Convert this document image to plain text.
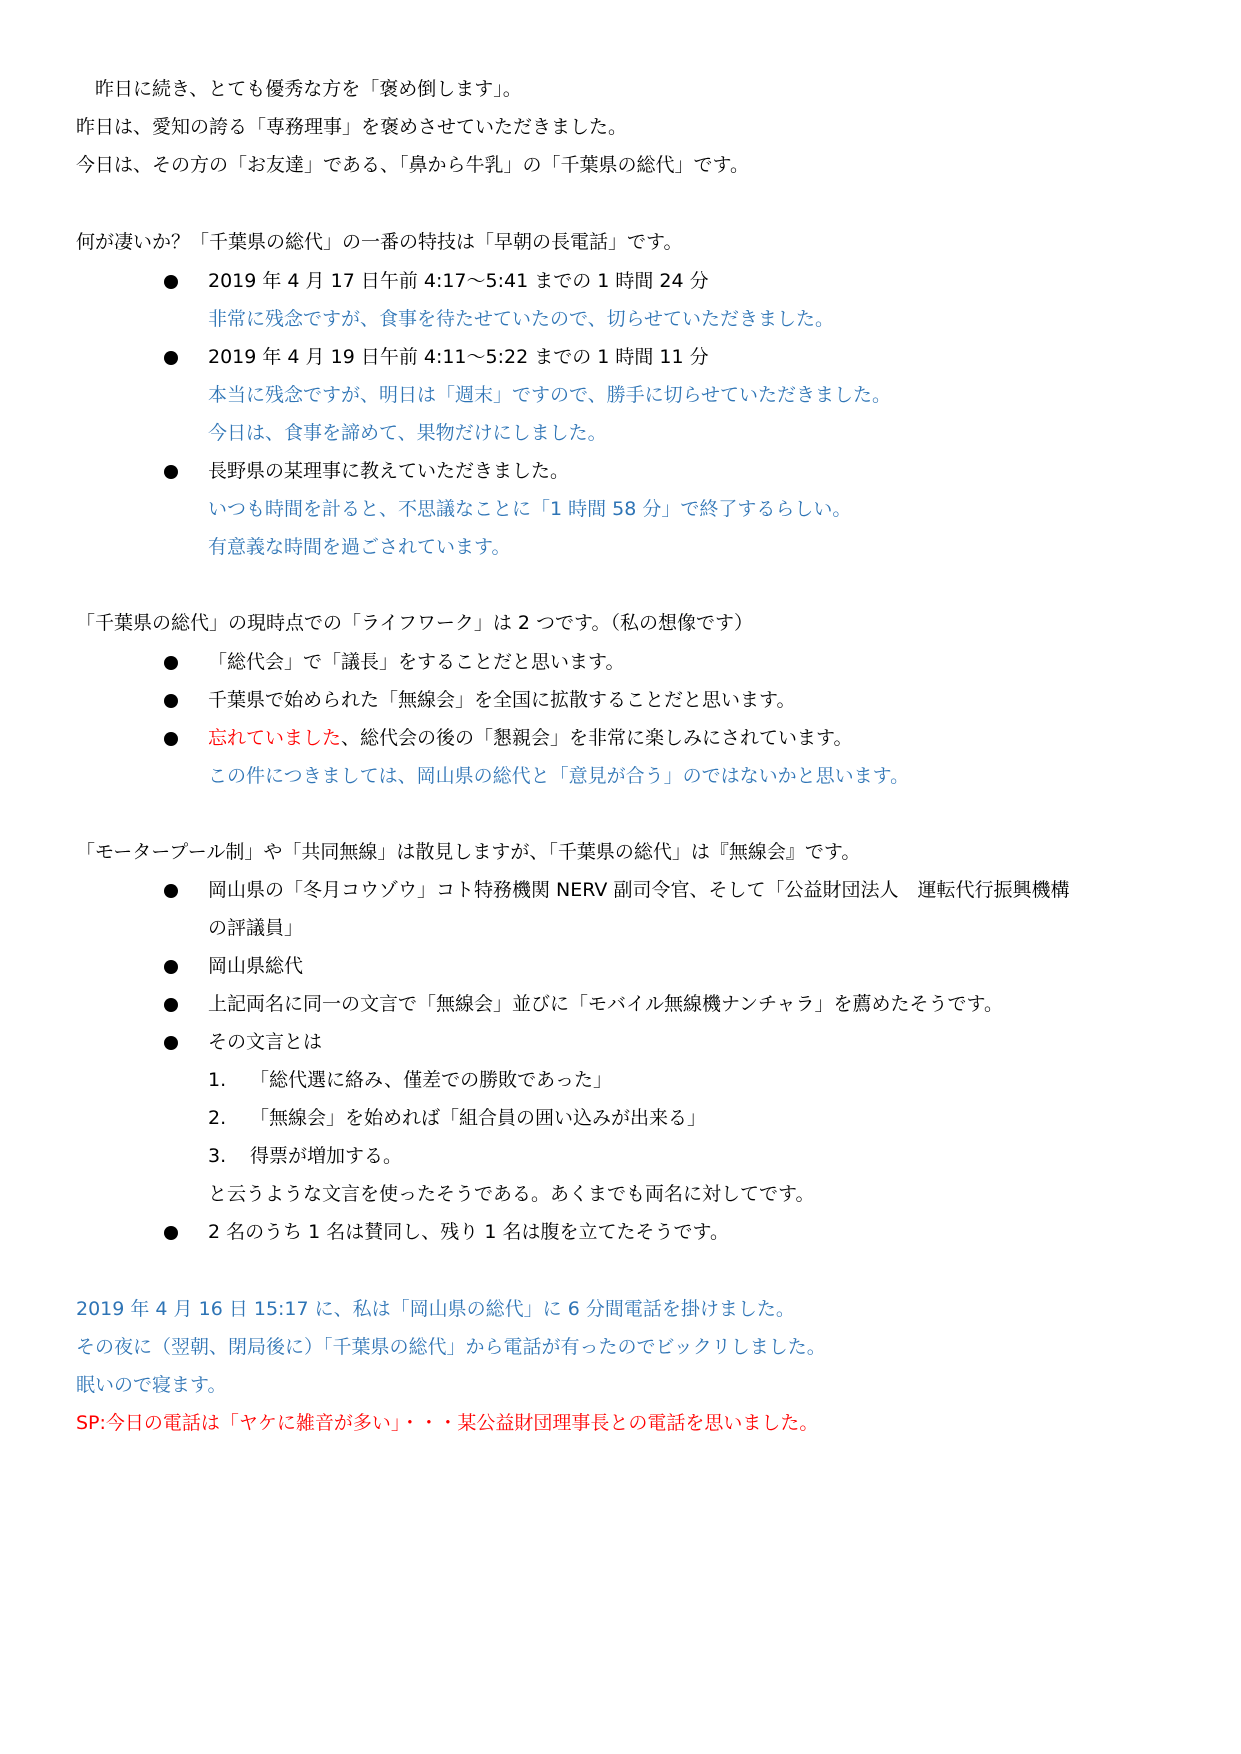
　昨日に続き、とても優秀な方を「褒め倒します」。
昨日は、愛知の誇る「専務理事」を褒めさせていただきました。
今日は、その方の「お友達」である、「鼻から牛乳」の「千葉県の総代」です。
何が凄いか？「千葉県の総代」の一番の特技は「早朝の長電話」です。
2019 年 4 月 17 日午前 4:17～5:41 までの 1 時間 24 分
非常に残念ですが、食事を待たせていたので、切らせていただきました。
2019 年 4 月 19 日午前 4:11～5:22 までの 1 時間 11 分
本当に残念ですが、明日は「週末」ですので、勝手に切らせていただきました。
今日は、食事を諦めて、果物だけにしました。
長野県の某理事に教えていただきました。
いつも時間を計ると、不思議なことに「1 時間 58 分」で終了するらしい。
有意義な時間を過ごされています。
「千葉県の総代」の現時点での「ライフワーク」は 2 つです。（私の想像です）
「総代会」で「議長」をすることだと思います。
千葉県で始められた「無線会」を全国に拡散することだと思います。
忘れていました、総代会の後の「懇親会」を非常に楽しみにされています。
この件につきましては、岡山県の総代と「意見が合う」のではないかと思います。
「モータープール制」や「共同無線」は散見しますが、「千葉県の総代」は『無線会』です。
岡山県の「冬月コウゾウ」コト特務機関 NERV 副司令官、そして「公益財団法人　運転代行振興機構
の評議員」
岡山県総代
上記両名に同一の文言で「無線会」並びに「モバイル無線機ナンチャラ」を薦めたそうです。
その文言とは
1. 「総代選に絡み、僅差での勝敗であった」
2. 「無線会」を始めれば「組合員の囲い込みが出来る」
3. 得票が増加する。
と云うような文言を使ったそうである。あくまでも両名に対してです。
2 名のうち 1 名は賛同し、残り 1 名は腹を立てたそうです。
2019 年 4 月 16 日 15:17 に、私は「岡山県の総代」に 6 分間電話を掛けました。
その夜に（翌朝、閉局後に）「千葉県の総代」から電話が有ったのでビックリしました。
眠いので寝ます。
SP:今日の電話は「ヤケに雑音が多い」・・・某公益財団理事長との電話を思いました。
